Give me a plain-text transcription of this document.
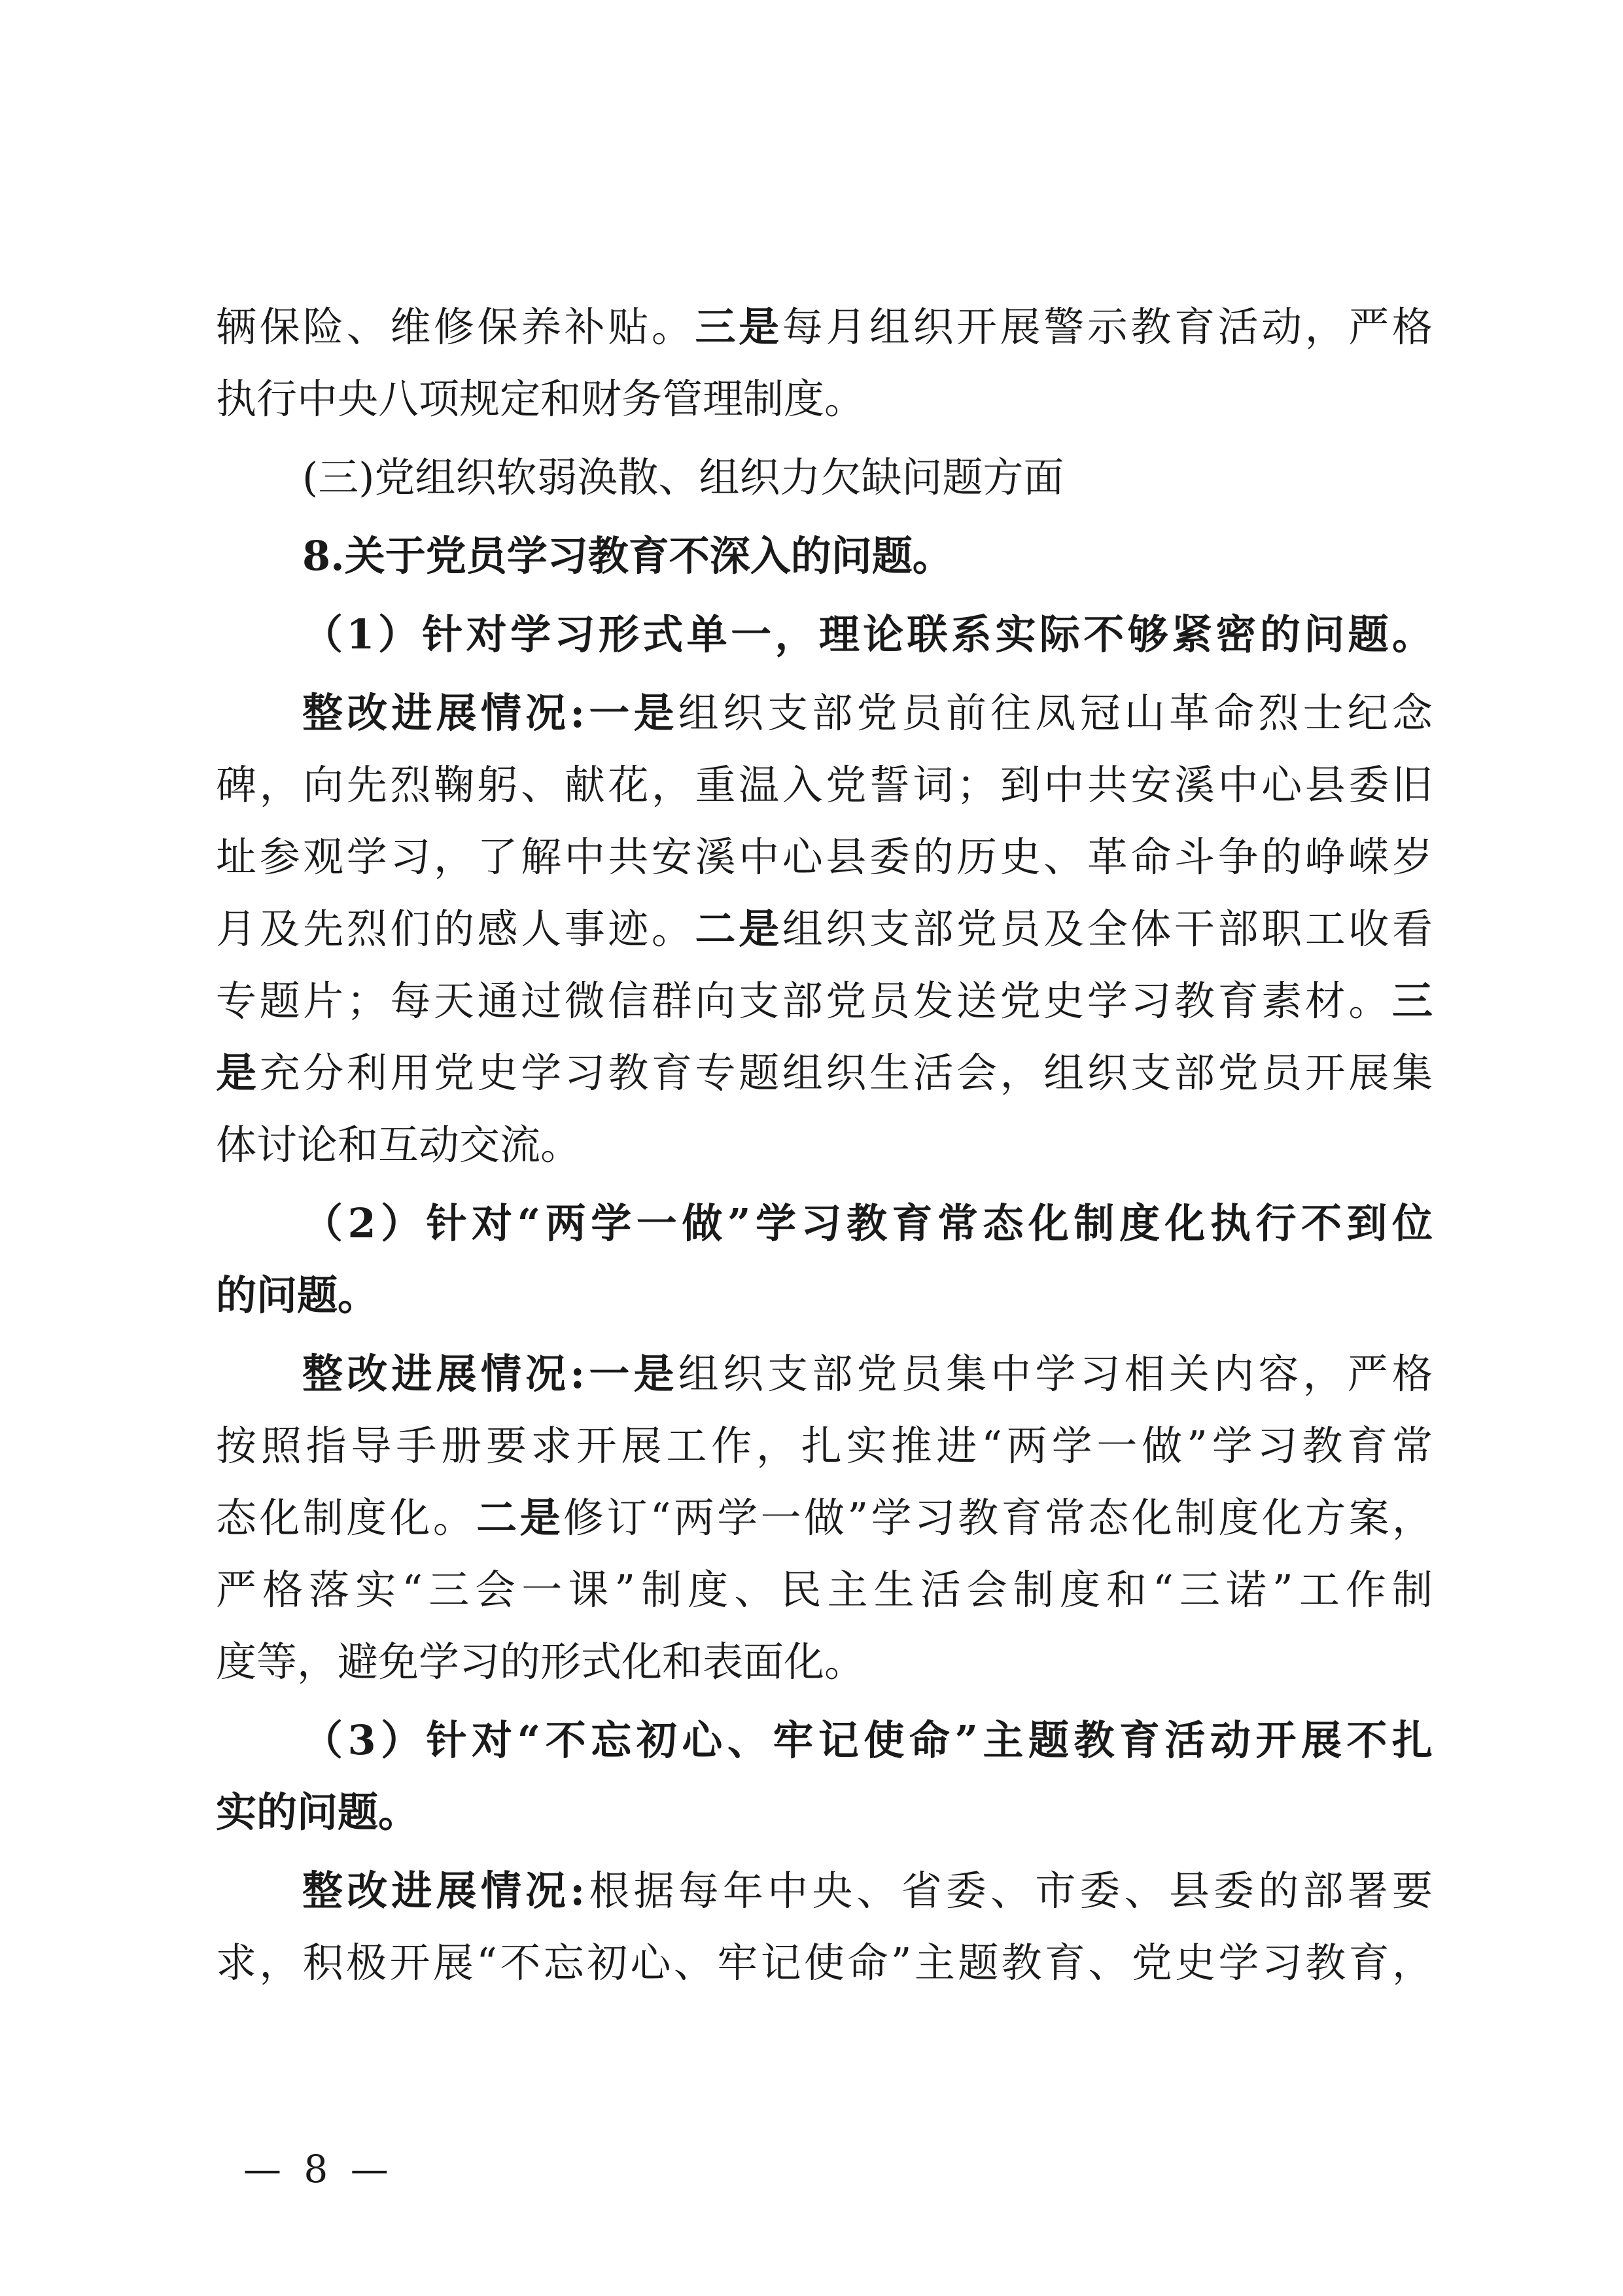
辆保险、维修保养补贴。三是每月组织开展警示教育活动，严格
执行中央八项规定和财务管理制度。
(三)党组织软弱涣散、组织力欠缺问题方面
8.关于党员学习教育不深入的问题。
（1）针对学习形式单一，理论联系实际不够紧密的问题。
整改进展情况:一是组织支部党员前往凤冠山革命烈士纪念
碑，向先烈鞠躬、献花，重温入党誓词；到中共安溪中心县委旧
址参观学习，了解中共安溪中心县委的历史、革命斗争的峥嵘岁
月及先烈们的感人事迹。二是组织支部党员及全体干部职工收看
专题片；每天通过微信群向支部党员发送党史学习教育素材。三
是充分利用党史学习教育专题组织生活会，组织支部党员开展集
体讨论和互动交流。
（2）针对“两学一做”学习教育常态化制度化执行不到位
的问题。
整改进展情况:一是组织支部党员集中学习相关内容，严格
按照指导手册要求开展工作，扎实推进“两学一做”学习教育常
态化制度化。二是修订“两学一做”学习教育常态化制度化方案，
严格落实“三会一课”制度、民主生活会制度和“三诺”工作制
度等，避免学习的形式化和表面化。
（3）针对“不忘初心、牢记使命”主题教育活动开展不扎
实的问题。
整改进展情况:根据每年中央、省委、市委、县委的部署要
求，积极开展“不忘初心、牢记使命”主题教育、党史学习教育，
— 8 —
